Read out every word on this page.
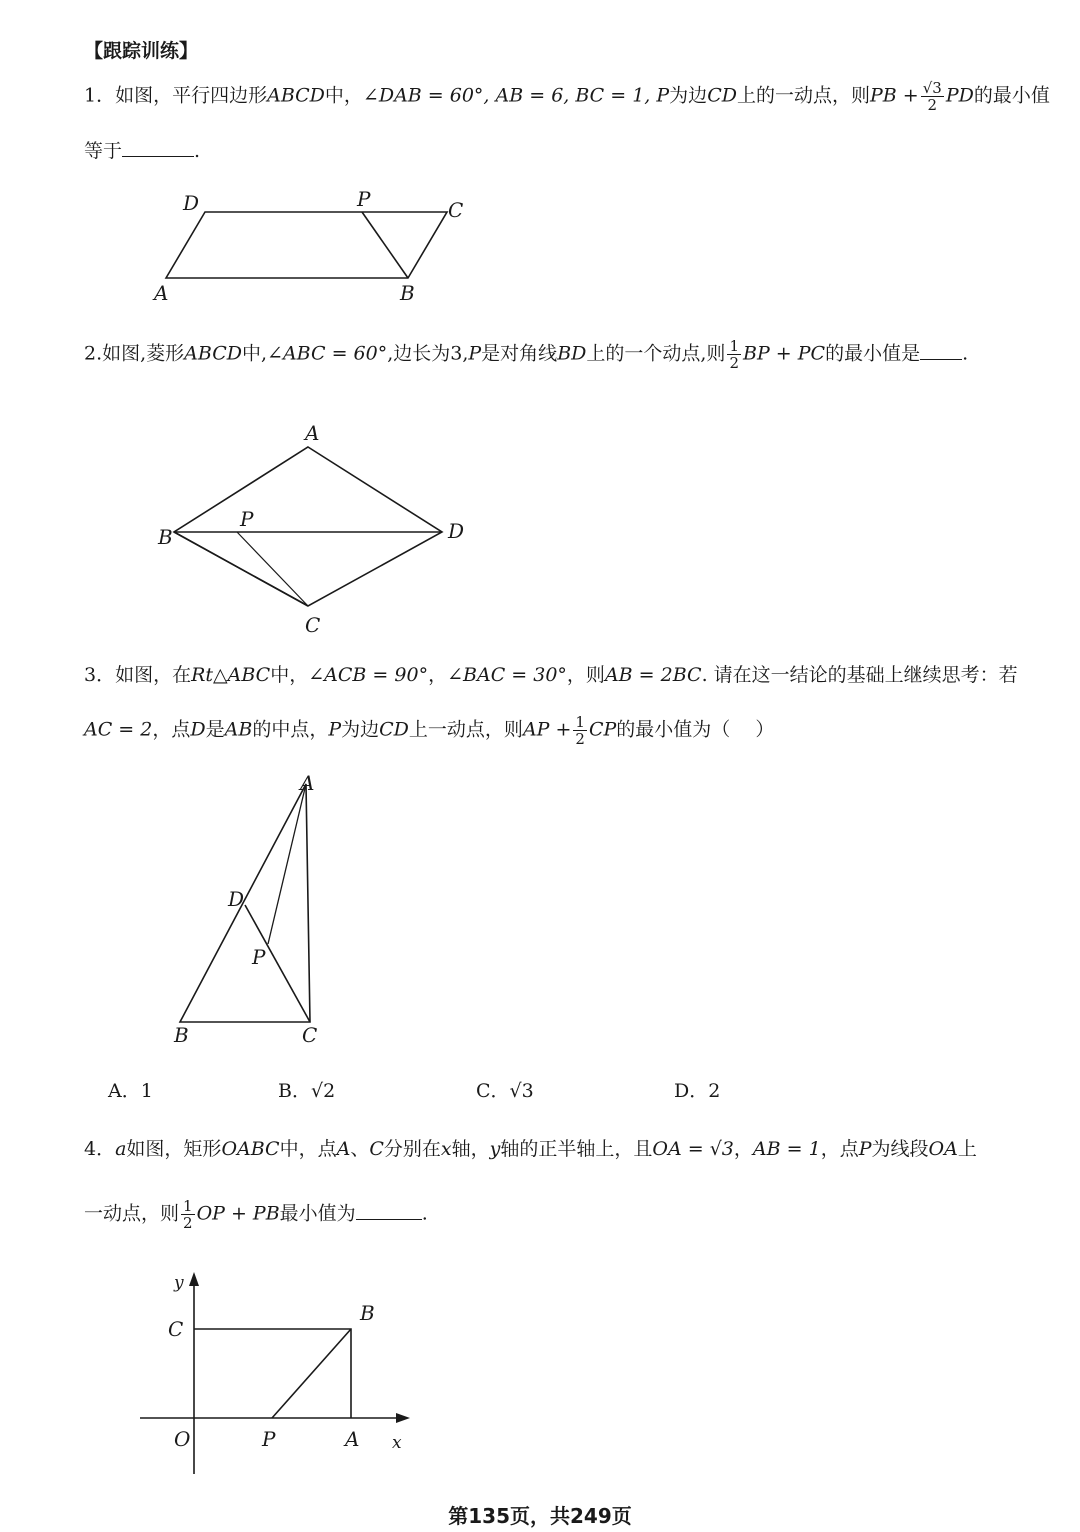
【跟踪训练】
1．如图，平行四边形ABCD中，∠DAB = 60°, AB = 6, BC = 1, P为边CD上的一动点，则PB + $\frac{√3}{2}$ PD的最小值
等于	.
D	P	C
A	B
2.如图,菱形ABCD中,∠ABC = 60°,边长为3,P是对角线BD上的一个动点,则 $\frac{1}{2}$ BP + PC的最小值是 .
A
P
B	D
C
3．如图，在Rt△ABC中，∠ACB = 90°，∠BAC = 30°，则AB = 2BC. 请在这一结论的基础上继续思考：若
AC = 2，点D是AB的中点，P为边CD上一动点，则AP + $\frac{1}{2}$ CP的最小值为（　 ）
A
D
P
B	C
A．1	B．√2	C．√3	D．2
4．a如图，矩形OABC中，点A、C分别在x轴，y轴的正半轴上，且OA = √3，AB = 1，点P为线段OA上
一动点，则 $\frac{1}{2}$ OP + PB最小值为	.
y
C
B
O	P	A x
第135页，共249页
